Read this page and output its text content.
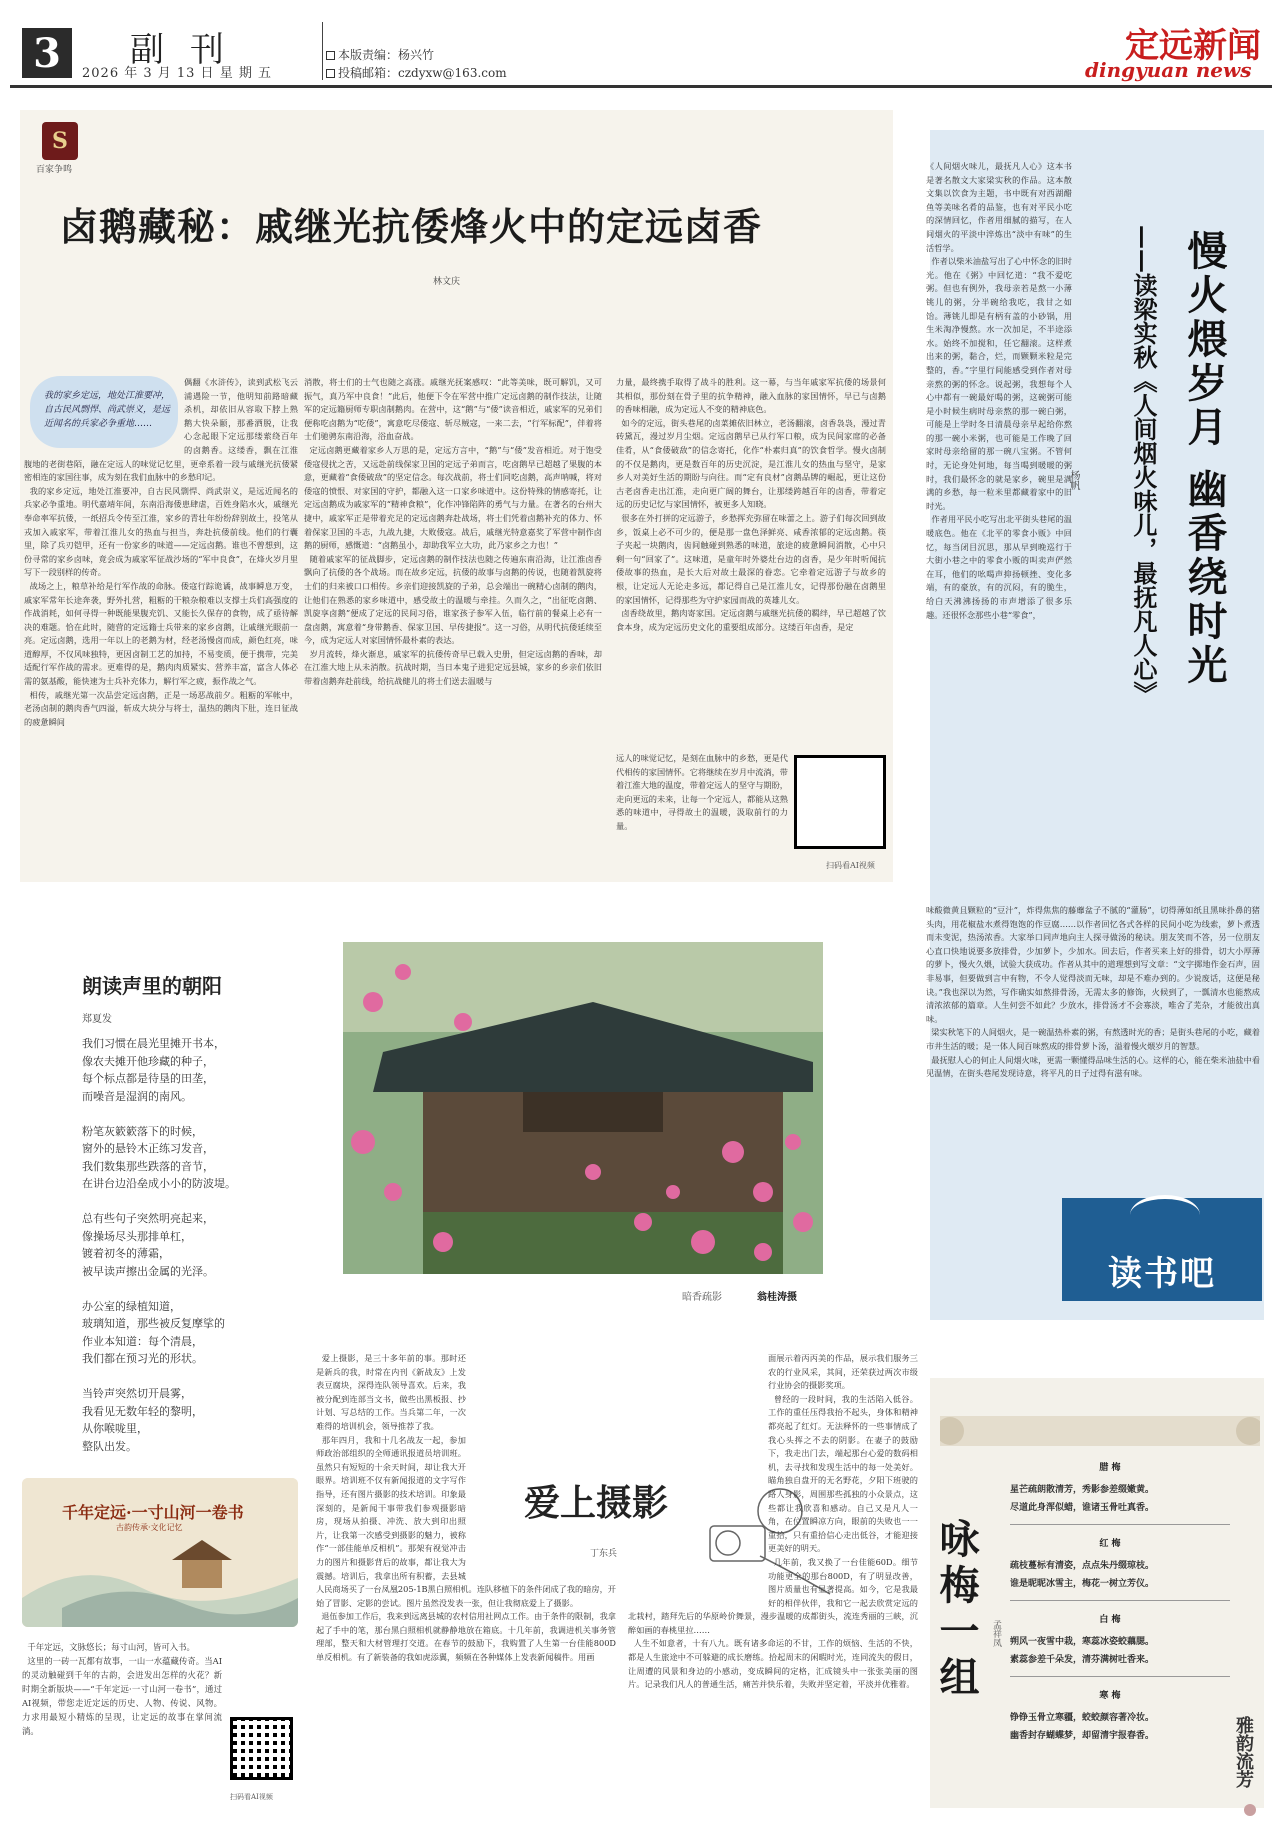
3	副刊
2026 年 3 月 13 日 星 期 五
本版责编：杨兴竹
投稿邮箱：czdyxw@163.com
定远新闻
dingyuan news
S
百家争鸣
卤鹅藏秘：戚继光抗倭烽火中的定远卤香
林文庆
我的家乡定远，地处江淮要冲，自古民风剽悍、尚武崇义，是远近闻名的兵家必争重地……
偶翻《水浒传》，读到武松飞云浦遇险一节，他明知前路暗藏杀机，却依旧从容取下脖上熟鹅大快朵颐，那番洒脱，让我心念起眼下定远那缕萦绕百年的卤鹅香。这缕香，飘在江淮腹地的老街巷陌，融在定远人的味觉记忆里，更牵系着一段与戚继光抗倭紧密相连的家国往事，成为刻在我们血脉中的乡愁印记。
我的家乡定远，地处江淮要冲，自古民风剽悍、尚武崇义，是远近闻名的兵家必争重地。明代嘉靖年间，东南沿海倭患肆虐，百姓身陷水火，戚继光奉命率军抗倭，一纸招兵令传至江淮，家乡的青壮年纷纷辞别故土，投笔从戎加入戚家军，带着江淮儿女的热血与担当，奔赴抗倭前线。他们的行囊里，除了兵刃铠甲，还有一份家乡的味道——定远卤鹅。谁也不曾想到，这份寻常的家乡卤味，竟会成为戚家军征战沙场的“军中良食”，在烽火岁月里写下一段别样的传奇。
战场之上，粮草补给是行军作战的命脉。倭寇行踪诡谲，战事瞬息万变，戚家军常年长途奔袭，野外扎营，粗粝的干粮杂粮难以支撑士兵们高强度的作战消耗，如何寻得一种既能果腹充饥、又能长久保存的食物，成了亟待解决的难题。恰在此时，随营的定远籍士兵带来的家乡卤鹅，让戚继光眼前一亮。定远卤鹅，选用一年以上的老鹅为材，经老汤慢卤而成，颜色红亮，味道醇厚，不仅风味独特，更因卤制工艺的加持，不易变质，便于携带，完美适配行军作战的需求。更难得的是，鹅肉肉质紧实、营养丰富，富含人体必需的氨基酸，能快速为士兵补充体力，解行军之疲，振作战之气。
相传，戚继光第一次品尝定远卤鹅，正是一场恶战前夕。粗粝的军帐中，老汤卤制的鹅肉香气四溢，斩成大块分与将士，温热的鹅肉下肚，连日征战的疲惫瞬间
消散，将士们的士气也随之高涨。戚继光抚案感叹：“此等美味，既可解饥，又可振气，真乃军中良食！”此后，他便下令在军营中推广定远卤鹅的制作技法，让随军的定远籍厨师专职卤制鹅肉。在营中，这“鹅”与“倭”读音相近，戚家军的兄弟们便称吃卤鹅为“吃倭”，寓意吃尽倭寇、斩尽贼寇，一来二去，“行军标配”，伴着将士们驰骋东南沿海，浴血奋战。
定远卤鹅更藏着家乡人万思的是，定远方言中，“鹅”与“倭”发音相近。对于饱受倭寇侵扰之苦，又远赴前线保家卫国的定远子弟而言，吃卤鹅早已超越了果腹的本意，更藏着“食倭破敌”的坚定信念。每次战前，将士们同吃卤鹅，高声呐喊，将对倭寇的愤恨、对家国的守护，都融入这一口家乡味道中。这份特殊的情感寄托，让定远卤鹅成为戚家军的“精神食粮”，化作冲锋陷阵的勇气与力量。在著名的台州大捷中，戚家军正是带着充足的定远卤鹅奔赴战场，将士们凭着卤鹅补充的体力、怀着保家卫国的斗志，九战九捷，大败倭寇。战后，戚继光特意嘉奖了军营中制作卤鹅的厨师，感慨道：“卤鹅虽小，却助我军立大功，此乃家乡之力也！”
随着戚家军的征战脚步，定远卤鹅的制作技法也随之传遍东南沿海，让江淮卤香飘向了抗倭的各个战场。而在故乡定远，抗倭的故事与卤鹅的传说，也随着凯旋将士们的归来被口口相传。乡亲们迎接凯旋的子弟，总会端出一碗精心卤制的鹅肉，让他们在熟悉的家乡味道中，感受故土的温暖与牵挂。久而久之，“出征吃卤鹅、凯旋享卤鹅”便成了定远的民间习俗，谁家孩子参军入伍，临行前的餐桌上必有一盘卤鹅，寓意着“身带鹅香、保家卫国、早传捷报”。这一习俗，从明代抗倭延续至今，成为定远人对家国情怀最朴素的表达。
岁月流转，烽火渐息，戚家军的抗倭传奇早已载入史册，但定远卤鹅的香味，却在江淮大地上从未消散。抗战时期，当日本鬼子进犯定远县城，家乡的乡亲们依旧带着卤鹅奔赴前线，给抗战健儿的将士们送去温暖与
力量，最终携手取得了战斗的胜利。这一幕，与当年戚家军抗倭的场景何其相似，那份刻在骨子里的抗争精神，融入血脉的家国情怀，早已与卤鹅的香味相融，成为定远人不变的精神底色。
如今的定远，街头巷尾的卤菜摊依旧林立，老汤翻滚，卤香袅袅，漫过青砖黛瓦，漫过岁月尘烟。定远卤鹅早已从行军口粮，成为民间家席的必备佳肴，从“食倭破敌”的信念寄托，化作“朴素归真”的饮食哲学。慢火卤制的不仅是鹅肉，更是数百年的历史沉淀，是江淮儿女的热血与坚守，是家乡人对美好生活的期盼与向往。而“定有良材”卤鹅品牌的崛起，更让这份古老卤香走出江淮，走向更广阔的舞台，让那缕跨越百年的卤香，带着定远的历史记忆与家国情怀，被更多人知晓。
很多在外打拼的定远游子，乡愁挥充弥留在味蕾之上。游子们每次回到故乡，饭桌上必不可少的，便是那一盘色泽鲜亮、咸香浓郁的定远卤鹅。筷子夹起一块鹅肉，齿间触碰到熟悉的味道，旅途的疲惫瞬间消散，心中只剩一句“回家了”。这味道，是童年时外婆灶台边的卤香，是少年时听闻抗倭故事的热血，是长大后对故土最深的眷恋。它牵着定远游子与故乡的根，让定远人无论走多远，都记得自己是江淮儿女，记得那份融在卤鹅里的家国情怀，记得那些为守护家园而战的英雄儿女。
卤香绕故里，鹅肉寄家国。定远卤鹅与戚继光抗倭的羁绊，早已超越了饮食本身，成为定远历史文化的重要组成部分。这缕百年卤香，是定
远人的味觉记忆，是刻在血脉中的乡愁，更是代代相传的家国情怀。它将继续在岁月中流淌，带着江淮大地的温度，带着定远人的坚守与期盼，走向更远的未来，让每一个定远人，都能从这熟悉的味道中，寻得故土的温暖，汲取前行的力量。
扫码看AI视频
慢火煨岁月 幽香绕时光
——读梁实秋《人间烟火味儿，最抚凡人心》
杨帆
《人间烟火味儿，最抚凡人心》这本书是著名散文大家梁实秋的作品。这本散文集以饮食为主题，书中既有对西湖醋鱼等美味名肴的品鉴，也有对平民小吃的深情回忆，作者用细腻的描写，在人间烟火的平淡中淬炼出“淡中有味”的生活哲学。
作者以柴米油盐写出了心中怀念的旧时光。他在《粥》中回忆道：“我不爱吃粥。但也有例外，我母亲若是熬一小薄铫儿的粥，分半碗给我吃，我甘之如饴。薄铫儿即是有柄有盖的小砂锅，用生米淘净慢熬。水一次加足，不半途添水。始终不加搅和，任它翻滚。这样煮出来的粥，黏合，烂，而颗颗米粒是完整的，香。”字里行间能感受到作者对母亲熬的粥的怀念。说起粥，我想每个人心中都有一碗最好喝的粥，这碗粥可能是小时候生病时母亲熬的那一碗白粥，可能是上学时冬日清晨母亲早起给你熬的那一碗小米粥，也可能是工作晚了回家时母亲给留的那一碗八宝粥。不管何时，无论身处何地，每当喝到暖暖的粥时，我们最怀念的就是家乡，碗里是满满的乡愁，每一粒米里都藏着家中的旧时光。
作者用平民小吃写出北平街头巷尾的温暖底色。他在《北平的零食小贩》中回忆，每当闭目沉思，那从早到晚巡行于大街小巷之中的零食小贩的叫卖声俨然在耳，他们的吆喝声抑扬顿挫、变化多端，有的豪放，有的沉闷，有的脆生，给白天沸沸扬扬的市声增添了很多乐趣。还很怀念那些小巷“零食”，
味酸微黄且颗粒的“豆汁”，炸得焦焦的藤蘼盆子不腻的“灌肠”，切得薄如纸且黑味扑鼻的猪头肉，用花椒盐水煮得饱饱的作豆腐……以作者回忆各式各样的民间小吃为线索，萝卜煮透而未变泥，热汤浓香。大家举口同声地向主人探寻做汤的秘诀。朋友笑而不答，另一位朋友心直口快地说要多放排骨，少加萝卜，少加水。回去后，作者买来上好的排骨，切大小厚薄的萝卜，慢火久煨，试验大获成功。作者从其中的道理想到写文章：“文字掷地作金石声，固非易事，但要做到言中有物，不令人觉得淡而无味，却是不难办到的。少说废话，这便是秘诀。”我也深以为然，写作确实如熬排骨汤，无需太多的修饰，火候到了，一瓢清水也能熬成清浓浓郁的篇章。人生何尝不如此？少放水，排骨汤才不会寡淡，唯舍了芜杂，才能彼出真味。
梁实秋笔下的人间烟火，是一碗温热朴素的粥，有熬透时光的香；是街头巷尾的小吃，藏着市井生活的暖；是一体人间百味熬成的排骨萝卜汤，溢着慢火煨岁月的智慧。
最抚慰人心的何止人间烟火味，更需一颗懂得品味生活的心。这样的心，能在柴米油盐中看见温情，在街头巷尾发现诗意，将平凡的日子过得有滋有味。
读书吧
朗读声里的朝阳
郑夏发
我们习惯在晨光里摊开书本，
像农夫摊开他珍藏的种子，
每个标点都是待垦的田垄，
而噪音是湿润的南风。

粉笔灰簌簌落下的时候，
窗外的悬铃木正练习发音，
我们数集那些跌落的音节，
在讲台边沿垒成小小的防波堤。

总有些句子突然明亮起来，
像操场尽头那排单杠，
镀着初冬的薄霜，
被早读声擦出金属的光泽。

办公室的绿植知道，
玻璃知道，那些被反复摩挲的
作业本知道：每个清晨，
我们都在预习光的形状。

当铃声突然切开晨雾，
我看见无数年轻的黎明，
从你喉咙里，
整队出发。
暗香疏影	翁桂涛摄
千年定远·一寸山河一卷书
古韵传承·文化记忆
千年定远，文脉悠长；每寸山河，皆可入书。
这里的一砖一瓦都有故事，一山一水蕴藏传奇。当AI的灵动触碰到千年的古韵，会迸发出怎样的火花？新时期全新版块——“千年定远·一寸山河一卷书”，通过AI视频，带您走近定远的历史、人物、传说、风物。力求用最短小精炼的呈现，让定远的故事在掌间流淌。
扫码看AI视频
爱上摄影
丁东兵
爱上摄影，是三十多年前的事。那时还是新兵的我，时常在内刊《新战友》上发表豆腐块，深得连队领导喜欢。后来，我被分配到连部当文书，做些出黑板报、抄计划、写总结的工作。当兵第二年，一次难得的培训机会，领导推荐了我。
那年四月，我和十几名战友一起，参加师政治部组织的全师通讯报道员培训班。虽然只有短短的十余天时间，却让我大开眼界。培训班不仅有新闻报道的文字写作指导，还有图片摄影的技术培训。印象最深刻的，是新闻干事带我们参观摄影暗房，现场从拍摄、冲洗、放大到印出照片，让我第一次感受到摄影的魅力，被称作“一部佳能单反相机”。那架有视觉冲击力的图片和摄影背后的故事，都让我大为震撼。培训后，我拿出所有积蓄，去县城人民商场买了一台凤凰205-1B黑白照相机。连队移植下的条件闭成了我的暗房，开始了冒影、定影的尝试。图片虽然没发表一张，但让我彻底爱上了摄影。
退伍参加工作后，我来到远离县城的农村信用社网点工作。由于条件的限制，我拿起了手中的笔，那台黑白照相机就静静地放在箱底。十几年前，我调进机关事务管理部，整天和大材管理打交道。在春节的鼓励下，我购置了人生第一台佳能800D单反相机。有了新装备的我如虎添翼，频频在各种媒体上发表新闻稿件。用画
面展示着丙丙美的作品，展示我们服务三农的行业风采，其间，还荣获过两次市级行业协会的摄影奖项。
曾经的一段时间，我的生活陷入低谷。工作的重任压得我抬不起头，身体和精神都亮起了红灯。无法释怀的一些事情成了我心头挥之不去的阴影。在妻子的鼓励下，我走出门去，端起那台心爱的数码相机，去寻找和发现生活中的每一处美好。瞄角独自盘开的无名野花，夕阳下班驶的路人身影，周围那些孤独的小众景点，这些都让我欣喜和感动。自己又是凡人一角，在位置瞬凉方向，眼前的失败也一一重拾，只有重拾信心走出低谷，才能迎接更美好的明天。
几年前，我又换了一台佳能60D。细节功能更全的那台800D，有了明显改善，图片质量也有显著提高。如今，它是我最好的相伴伙伴，我和它一起去欣赏定远的北栽村，踏拜先后的华原岭价舞景，漫步温暖的成都街头，流连秀丽的三峡，沉醉如画的春桃里拉……
人生不如意者，十有八九。既有诸多命运的不甘，工作的烦恼、生活的不快，都是人生旅途中不可躲避的成长磨练。拾起周末的闲暇时光，连同流失的假日，让周遭的风景和身边的小感动，变成瞬间的定格，汇成镜头中一张张美丽的图片。记录我们凡人的普通生活，痛苦并快乐着，失败并坚定着，平淡并优雅着。 咏梅一组 孟祥凤
雅韵流芳
腊 梅
星芒疏朗散清芳，秀影参差缀嫩黄。
尽道此身浑似蜡，谁诸玉骨吐真香。
红 梅
疏枝蔓标有清姿，点点朱丹缀琼枝。
谁是昵昵冰雪主，梅花一树立芳仪。
白 梅
朔风一夜雪中栽，寒蕊冰姿蛟藕腮。
素蕊参差千朵发，清芬满树吐香来。
寒 梅
铮铮玉骨立寒疆，蛟蛟颜容著冷妆。
幽香封存蝴蝶梦，却留清宇报春香。
